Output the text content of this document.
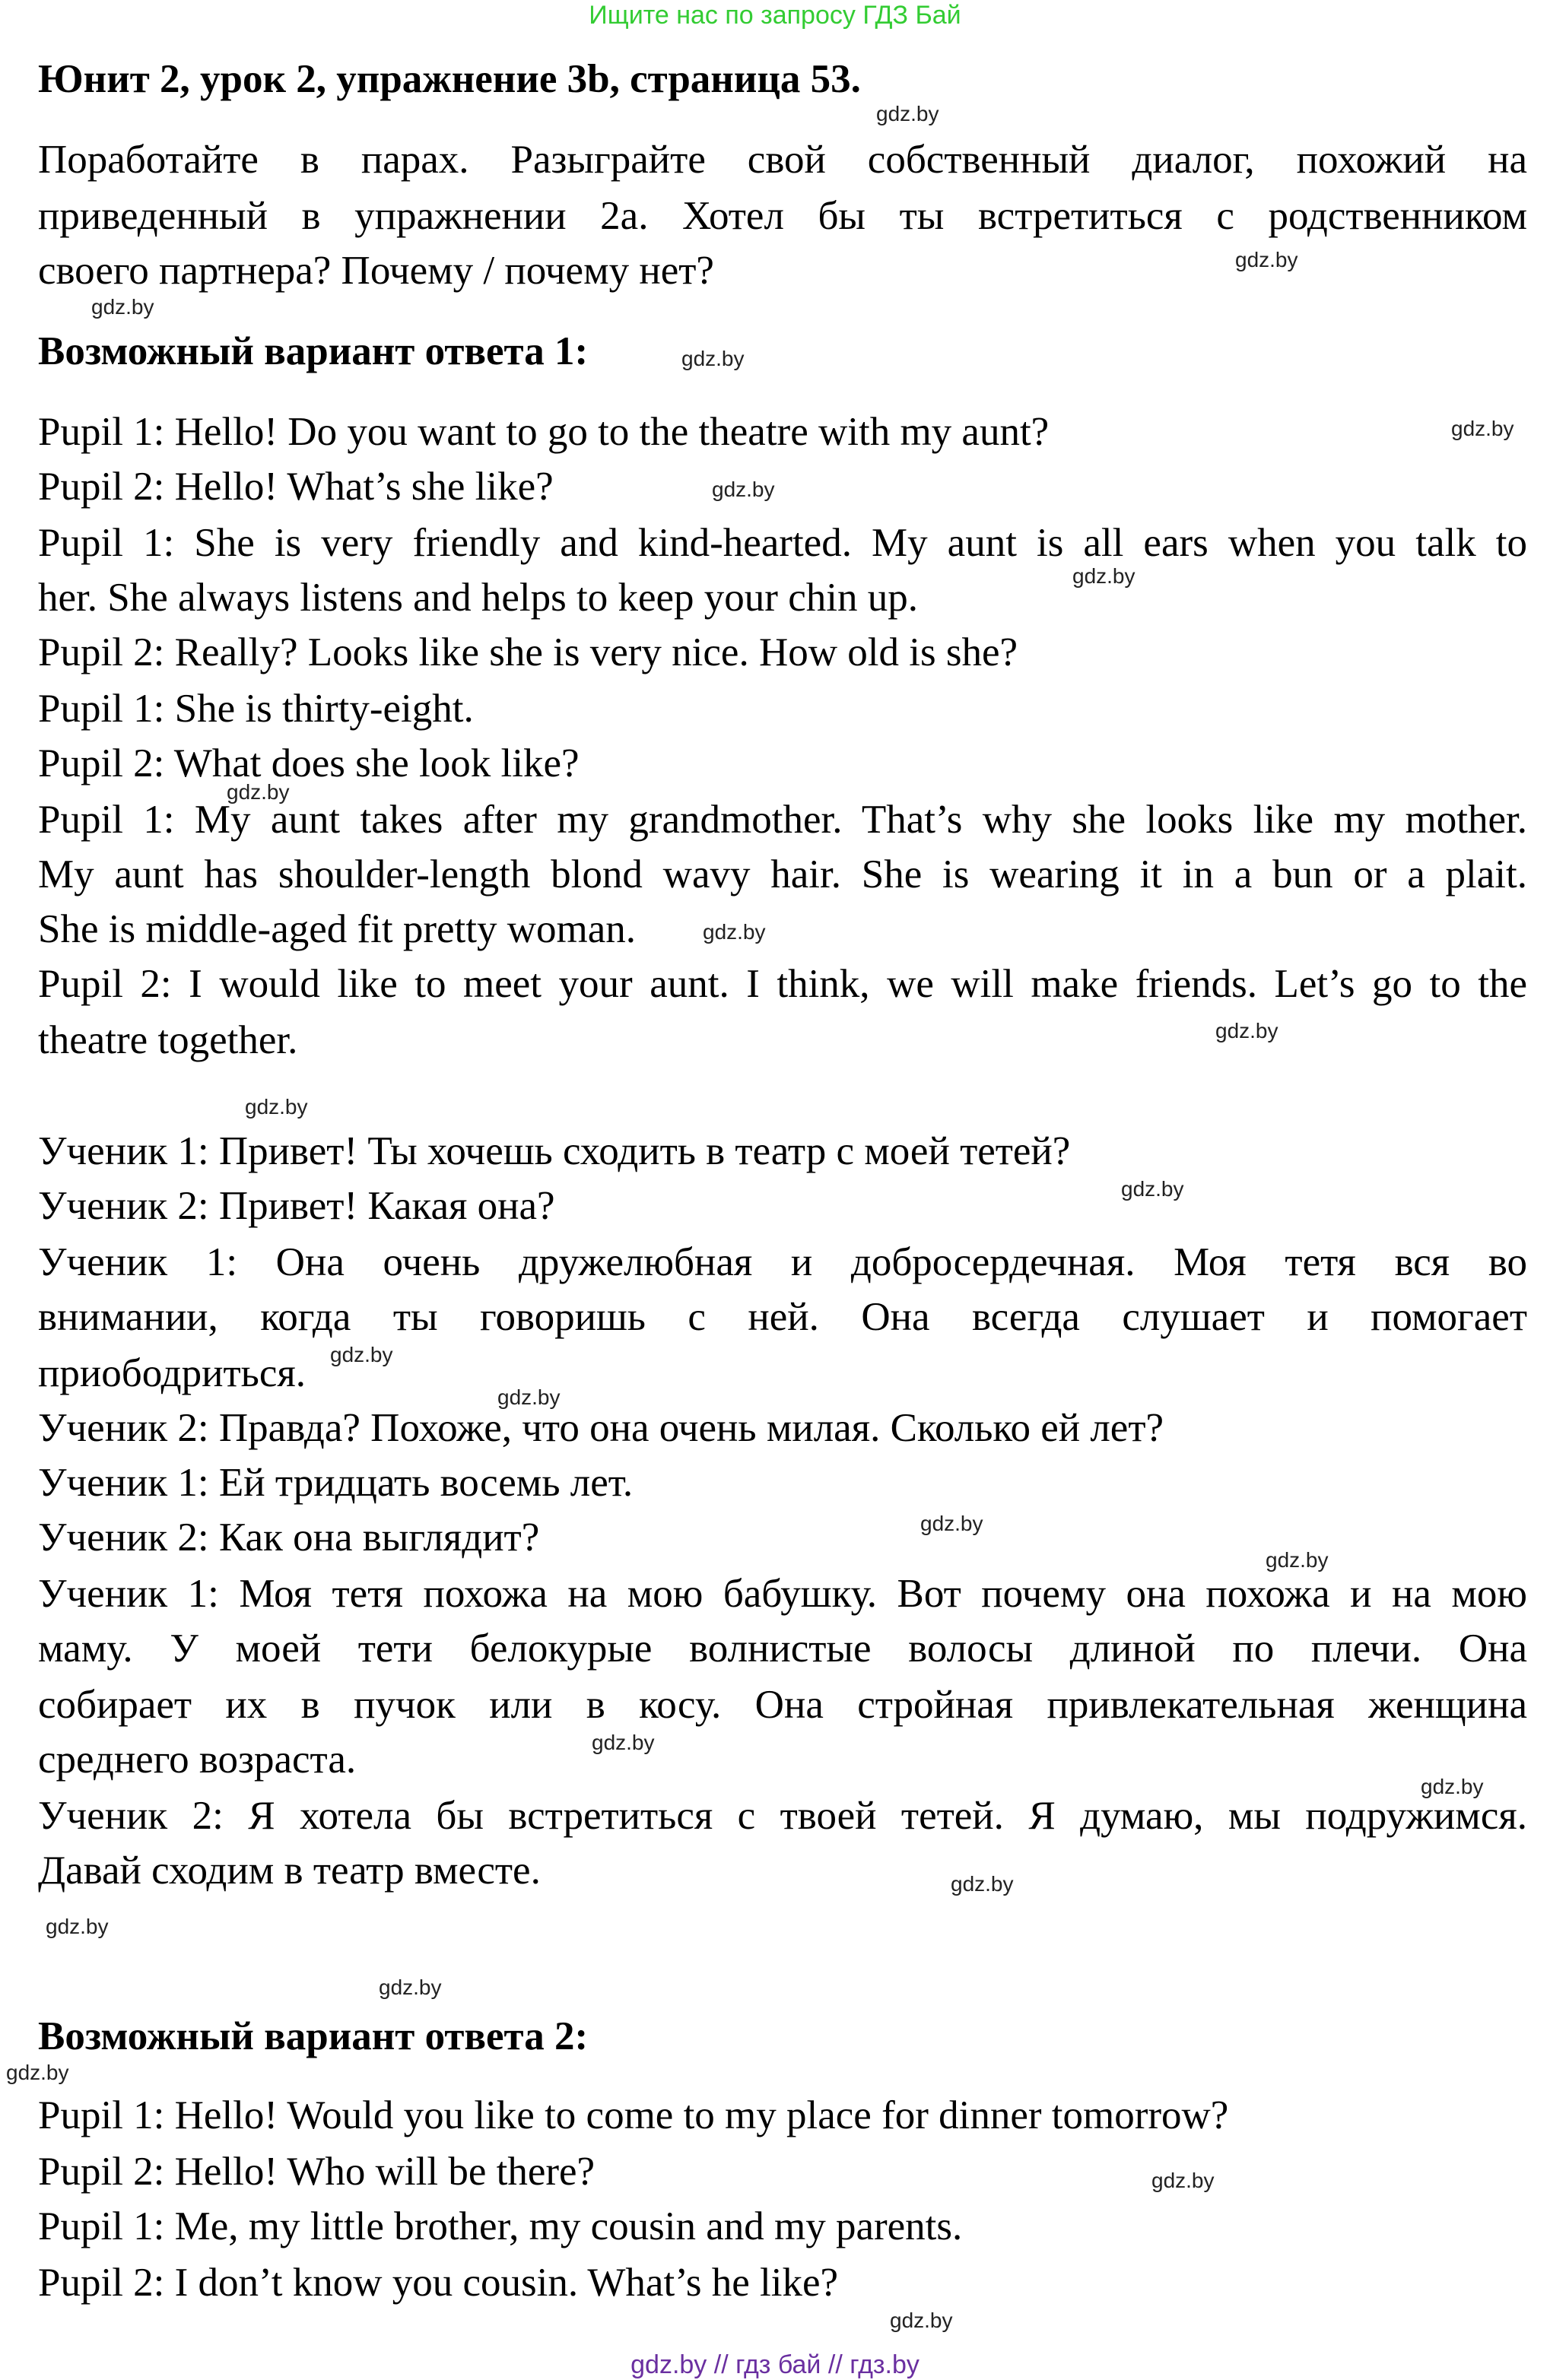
Ищите нас по запросу ГДЗ Бай
Юнит 2, урок 2, упражнение 3b, страница 53.
Поработайте в парах. Разыграйте свой собственный диалог, похожий на
приведенный в упражнении 2а. Хотел бы ты встретиться с родственником
своего партнера? Почему / почему нет?
Возможный вариант ответа 1:
Pupil 1: Hello! Do you want to go to the theatre with my aunt?
Pupil 2: Hello! What’s she like?
Pupil 1: She is very friendly and kind-hearted. My aunt is all ears when you talk to
her. She always listens and helps to keep your chin up.
Pupil 2: Really? Looks like she is very nice. How old is she?
Pupil 1: She is thirty-eight.
Pupil 2: What does she look like?
Pupil 1: My aunt takes after my grandmother. That’s why she looks like my mother.
My aunt has shoulder-length blond wavy hair. She is wearing it in a bun or a plait.
She is middle-aged fit pretty woman.
Pupil 2: I would like to meet your aunt. I think, we will make friends. Let’s go to the
theatre together.
Ученик 1: Привет! Ты хочешь сходить в театр с моей тетей?
Ученик 2: Привет! Какая она?
Ученик 1: Она очень дружелюбная и добросердечная. Моя тетя вся во
внимании, когда ты говоришь с ней. Она всегда слушает и помогает
приободриться.
Ученик 2: Правда? Похоже, что она очень милая. Сколько ей лет?
Ученик 1: Ей тридцать восемь лет.
Ученик 2: Как она выглядит?
Ученик 1: Моя тетя похожа на мою бабушку. Вот почему она похожа и на мою
маму. У моей тети белокурые волнистые волосы длиной по плечи. Она
собирает их в пучок или в косу. Она стройная привлекательная женщина
среднего возраста.
Ученик 2: Я хотела бы встретиться с твоей тетей. Я думаю, мы подружимся.
Давай сходим в театр вместе.
Возможный вариант ответа 2:
Pupil 1: Hello! Would you like to come to my place for dinner tomorrow?
Pupil 2: Hello! Who will be there?
Pupil 1: Me, my little brother, my cousin and my parents.
Pupil 2: I don’t know you cousin. What’s he like?
gdz.by
gdz.by
gdz.by
gdz.by
gdz.by
gdz.by
gdz.by
gdz.by
gdz.by
gdz.by
gdz.by
gdz.by
gdz.by
gdz.by
gdz.by
gdz.by
gdz.by
gdz.by
gdz.by
gdz.by
gdz.by
gdz.by
gdz.by
gdz.by
gdz.by // гдз бай // гдз.by
